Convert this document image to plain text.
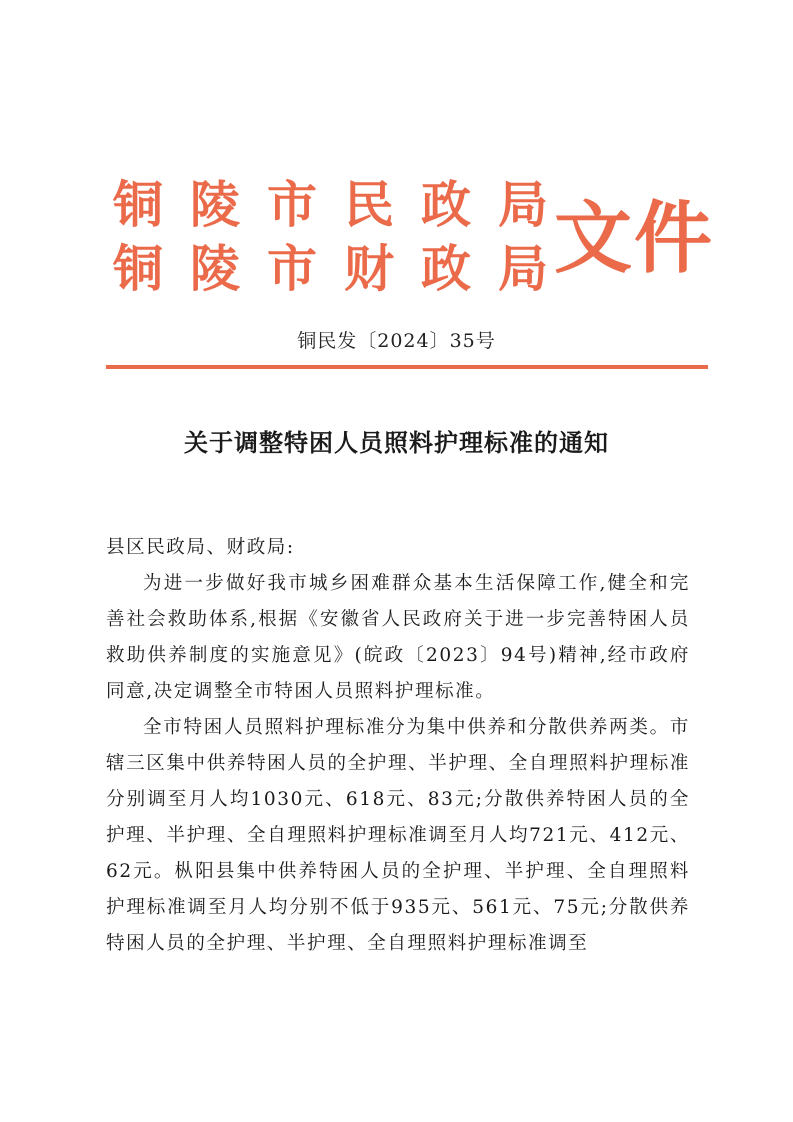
铜陵市民政局
铜陵市财政局
文件
铜民发〔2024〕35号
关于调整特困人员照料护理标准的通知

县区民政局、财政局:

为进一步做好我市城乡困难群众基本生活保障工作,健全和完善社会救助体系,根据《安徽省人民政府关于进一步完善特困人员救助供养制度的实施意见》(皖政〔2023〕94号)精神,经市政府同意,决定调整全市特困人员照料护理标准。

全市特困人员照料护理标准分为集中供养和分散供养两类。市辖三区集中供养特困人员的全护理、半护理、全自理照料护理标准分别调至月人均1030元、618元、83元;分散供养特困人员的全护理、半护理、全自理照料护理标准调至月人均721元、412元、62元。枞阳县集中供养特困人员的全护理、半护理、全自理照料护理标准调至月人均分别不低于935元、561元、75元;分散供养特困人员的全护理、半护理、全自理照料护理标准调至
